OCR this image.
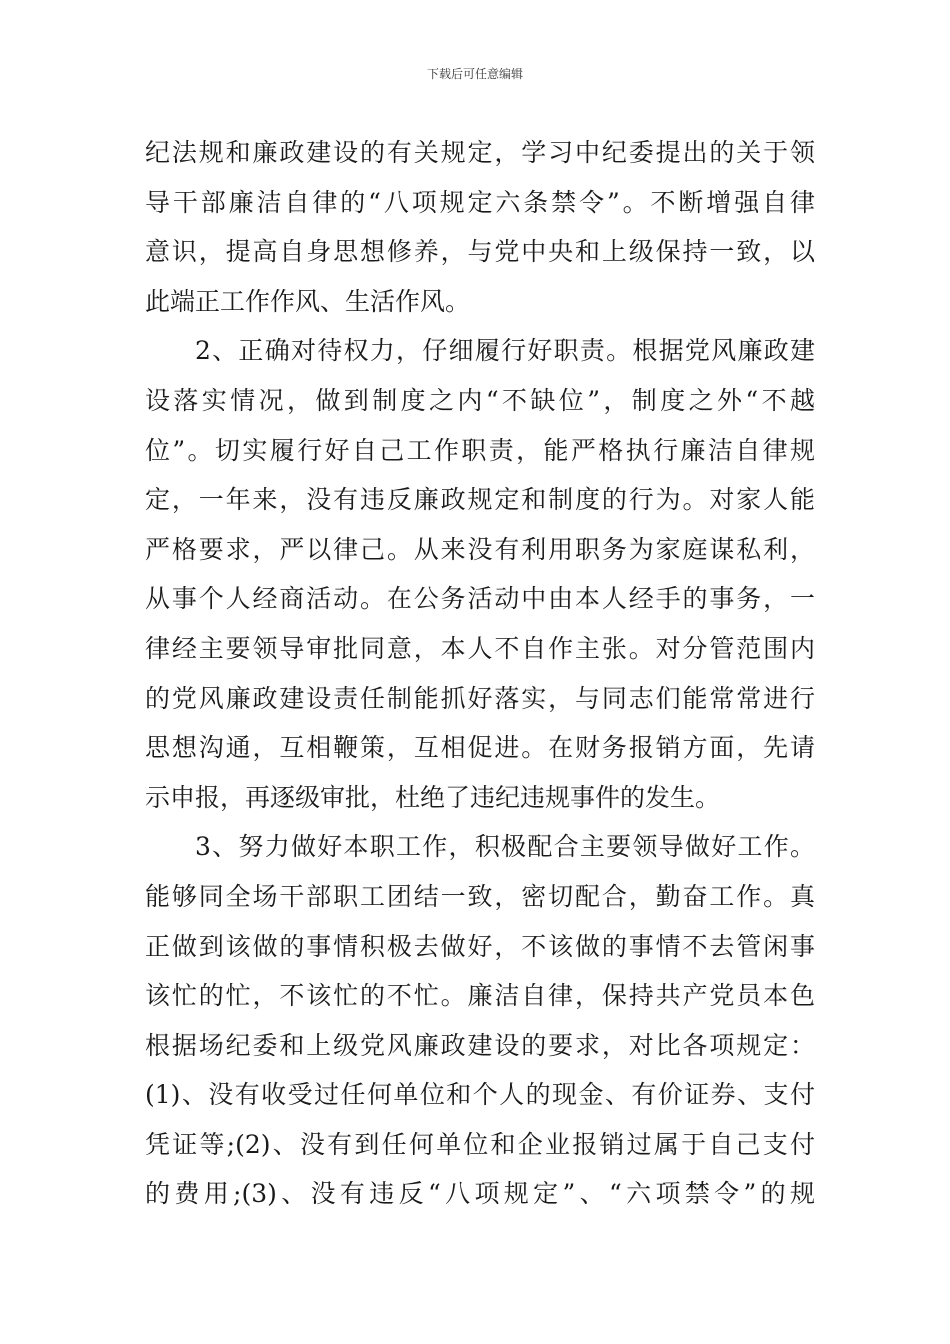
下载后可任意编辑
纪法规和廉政建设的有关规定，学习中纪委提出的关于领
导干部廉洁自律的“八项规定六条禁令”。不断增强自律
意识，提高自身思想修养，与党中央和上级保持一致，以
此端正工作作风、生活作风。
2、正确对待权力，仔细履行好职责。根据党风廉政建
设落实情况，做到制度之内“不缺位”，制度之外“不越
位”。切实履行好自己工作职责，能严格执行廉洁自律规
定，一年来，没有违反廉政规定和制度的行为。对家人能
严格要求，严以律己。从来没有利用职务为家庭谋私利，
从事个人经商活动。在公务活动中由本人经手的事务，一
律经主要领导审批同意，本人不自作主张。对分管范围内
的党风廉政建设责任制能抓好落实，与同志们能常常进行
思想沟通，互相鞭策，互相促进。在财务报销方面，先请
示申报，再逐级审批，杜绝了违纪违规事件的发生。
3、努力做好本职工作，积极配合主要领导做好工作。
能够同全场干部职工团结一致，密切配合，勤奋工作。真
正做到该做的事情积极去做好，不该做的事情不去管闲事
该忙的忙，不该忙的不忙。廉洁自律，保持共产党员本色
根据场纪委和上级党风廉政建设的要求，对比各项规定：
(1)、没有收受过任何单位和个人的现金、有价证券、支付
凭证等;(2)、没有到任何单位和企业报销过属于自己支付
的费用;(3)、没有违反“八项规定”、“六项禁令”的规
